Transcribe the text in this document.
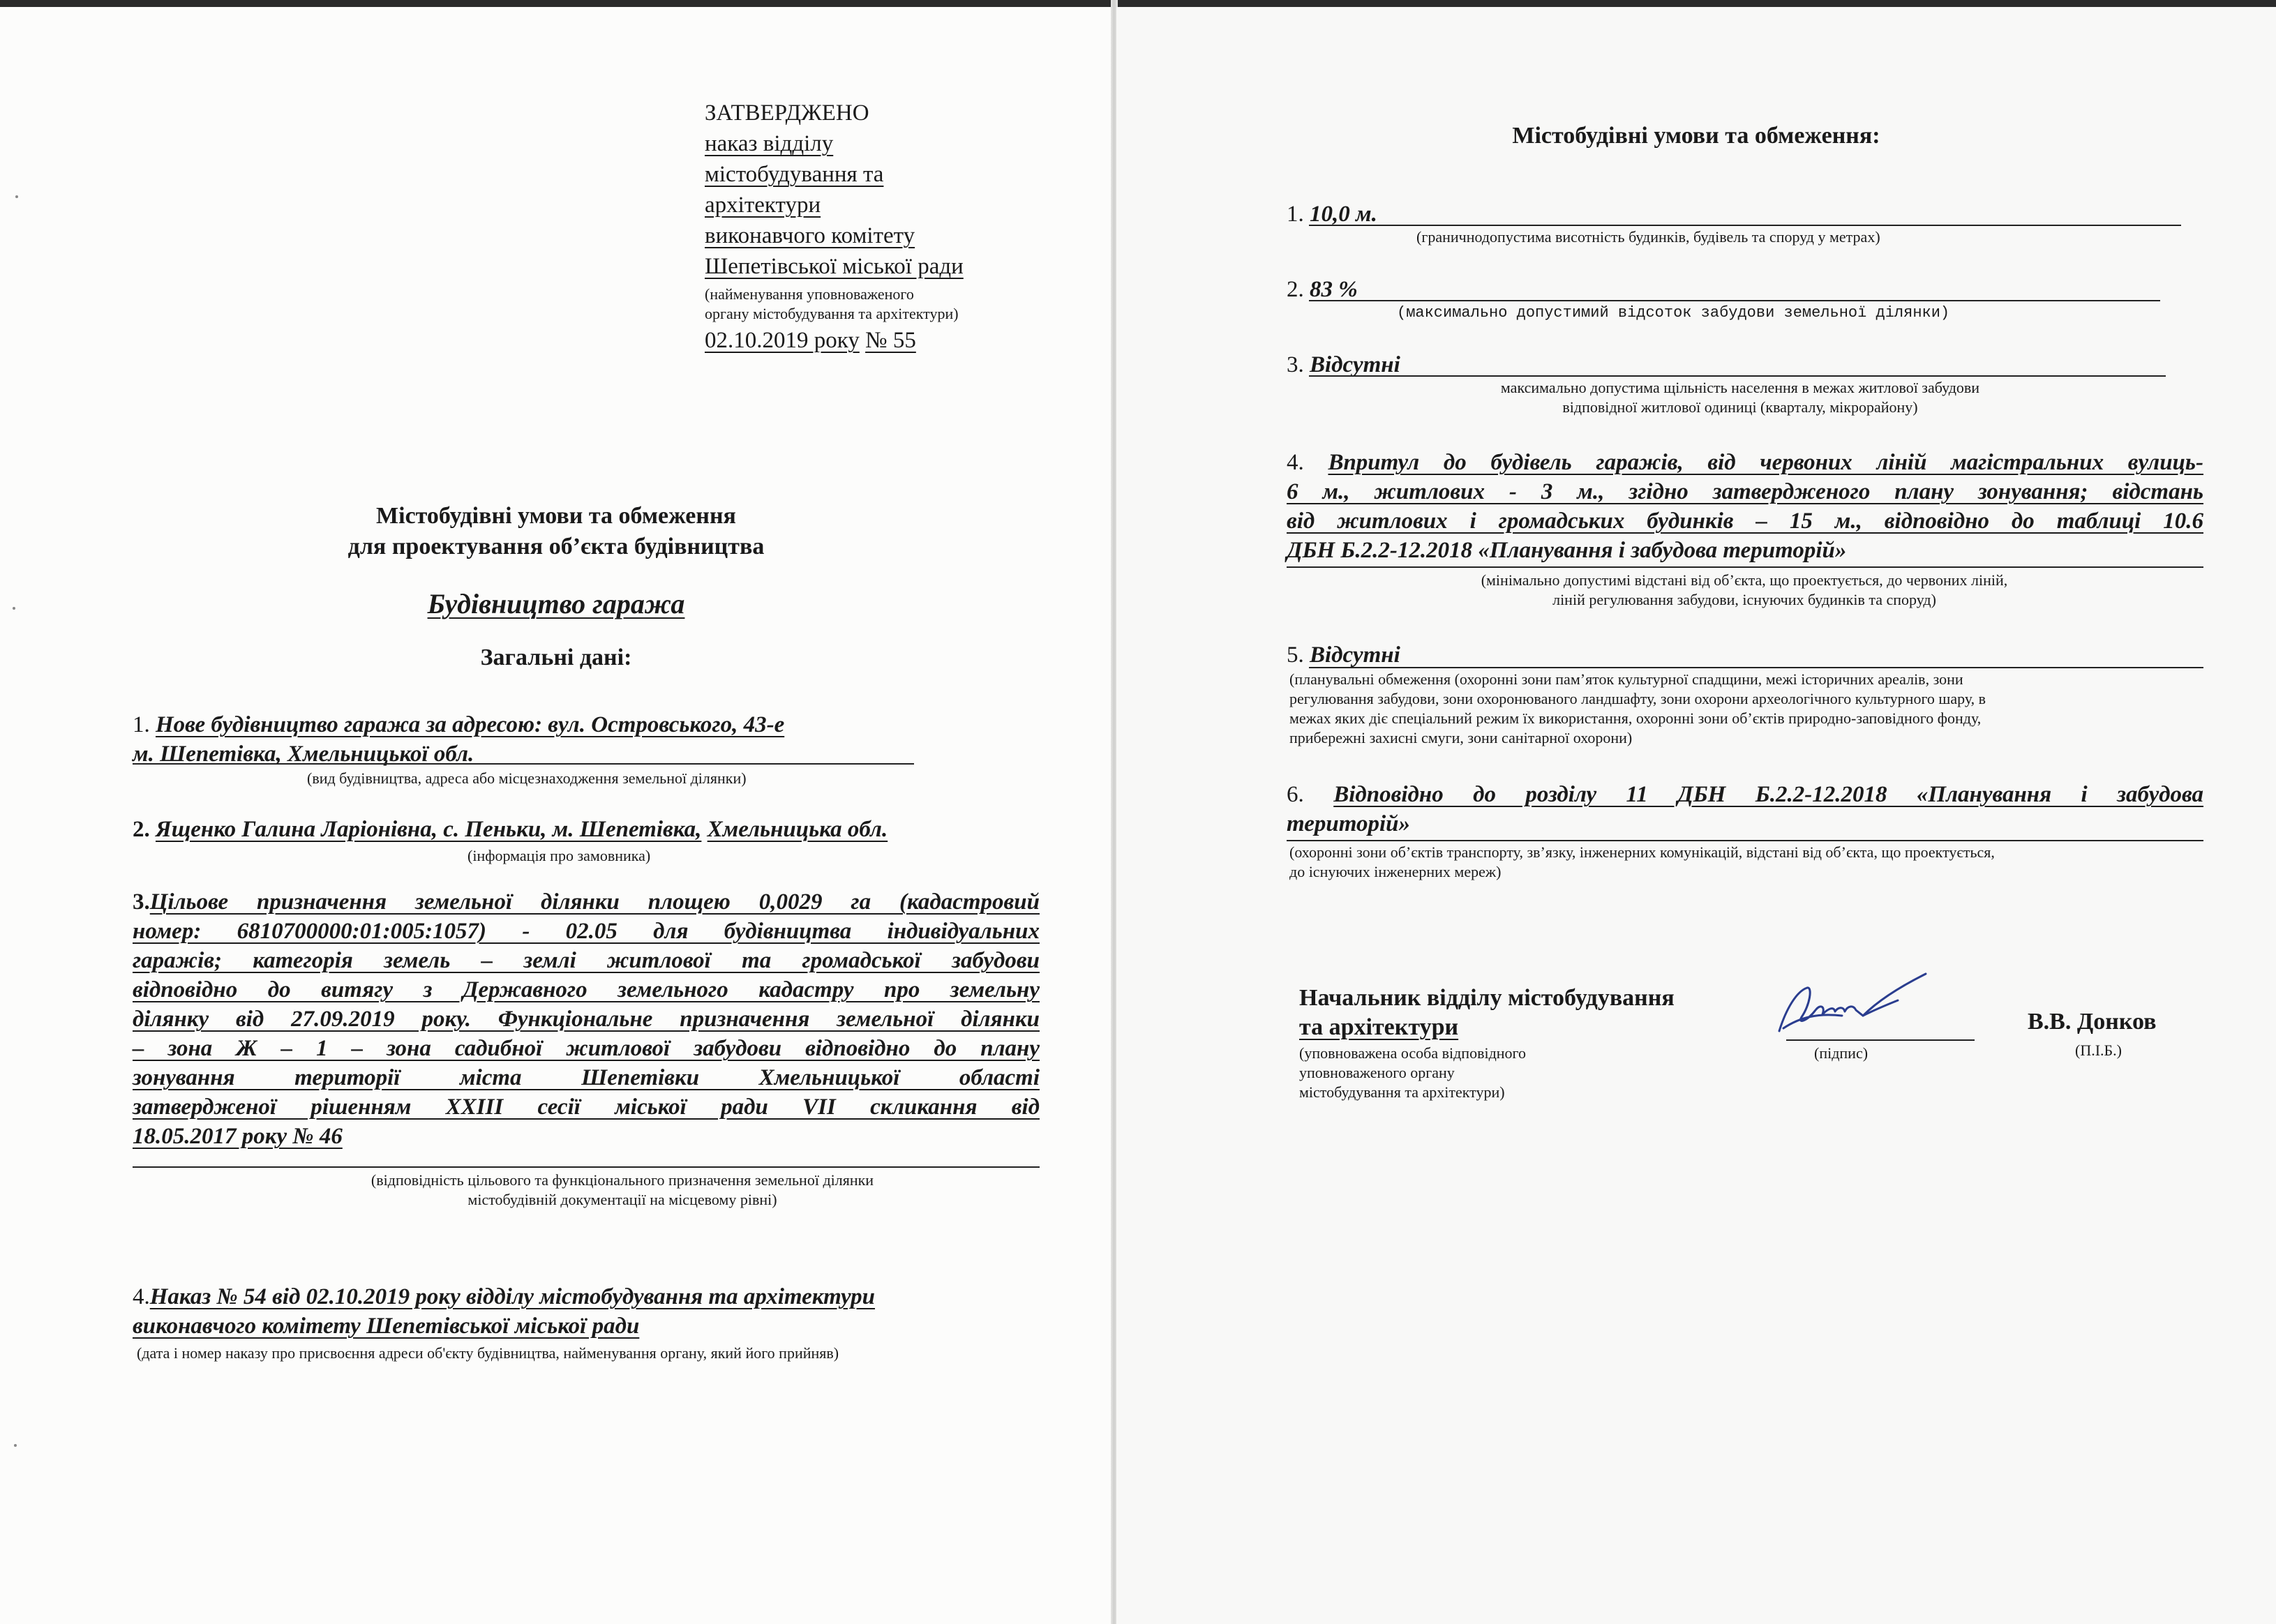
ЗАТВЕРДЖЕНО
наказ відділу
містобудування та
архітектури
виконавчого комітету
Шепетівської міської ради
(найменування уповноваженого
органу містобудування та архітектури)
02.10.2019 року № 55
Містобудівні умови та обмеження
для проектування об’єкта будівництва
Будівництво гаража
Загальні дані:
1. Нове будівництво гаража за адресою: вул. Островського, 43-е
м. Шепетівка, Хмельницької обл.
(вид будівництва, адреса або місцезнаходження земельної ділянки)
2. Ященко Галина Ларіонівна, с. Пеньки, м. Шепетівка, Хмельницька обл.
(інформація про замовника)
3.Цільове призначення земельної ділянки площею 0,0029 га (кадастровий
номер: 6810700000:01:005:1057) - 02.05 для будівництва індивідуальних
гаражів; категорія земель – землі житлової та громадської забудови
відповідно до витягу з Державного земельного кадастру про земельну
ділянку від 27.09.2019 року. Функціональне призначення земельної ділянки
– зона Ж – 1 – зона садибної житлової забудови відповідно до плану
зонування території міста Шепетівки Хмельницької області
затвердженої рішенням XXIII сесії міської ради VII скликання від
18.05.2017 року № 46
(відповідність цільового та функціонального призначення земельної ділянки
містобудівній документації на місцевому рівні)
4.Наказ № 54 від 02.10.2019 року відділу містобудування та архітектури
виконавчого комітету Шепетівської міської ради
(дата і номер наказу про присвоєння адреси об'єкту будівництва, найменування органу, який його прийняв)
Містобудівні умови та обмеження:
1. 10,0 м.
(граничнодопустима висотність будинків, будівель та споруд у метрах)
2. 83 %
(максимально допустимий відсоток забудови земельної ділянки)
3. Відсутні
максимально допустима щільність населення в межах житлової забудови
відповідної житлової одиниці (кварталу, мікрорайону)
4. Впритул до будівель гаражів, від червоних ліній магістральних вулиць-
6 м., житлових - 3 м., згідно затвердженого плану зонування; відстань
від житлових і громадських будинків – 15 м., відповідно до таблиці 10.6
ДБН Б.2.2-12.2018 «Планування і забудова територій»
(мінімально допустимі відстані від об’єкта, що проектується, до червоних ліній,
ліній регулювання забудови, існуючих будинків та споруд)
5. Відсутні
(планувальні обмеження (охоронні зони пам’яток культурної спадщини, межі історичних ареалів, зони
регулювання забудови, зони охоронюваного ландшафту, зони охорони археологічного культурного шару, в
межах яких діє спеціальний режим їх використання, охоронні зони об’єктів природно-заповідного фонду,
прибережні захисні смуги, зони санітарної охорони)
6. Відповідно до розділу 11 ДБН Б.2.2-12.2018 «Планування і забудова
територій»
(охоронні зони об’єктів транспорту, зв’язку, інженерних комунікацій, відстані від об’єкта, що проектується,
до існуючих інженерних мереж)
Начальник відділу містобудування
та архітектури
(уповноважена особа відповідного
уповноваженого органу
містобудування та архітектури)
(підпис)
В.В. Донков
(П.І.Б.)
